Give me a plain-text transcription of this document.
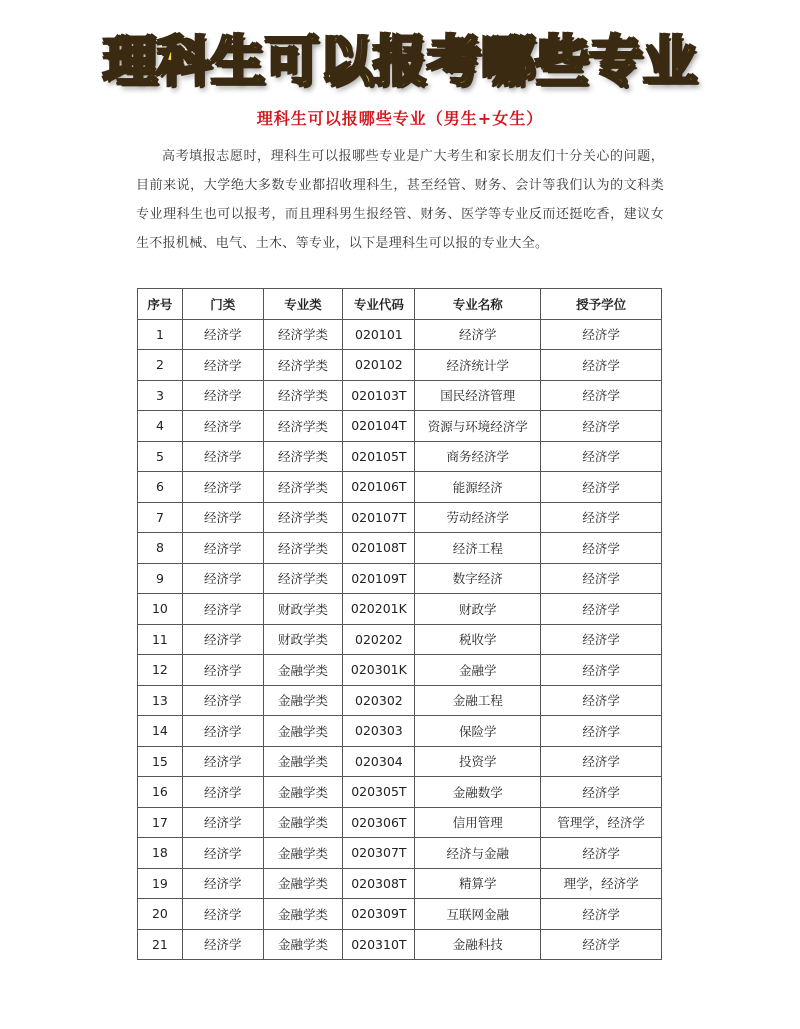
理科生可以报考哪些专业
理科生可以报哪些专业（男生+女生）

高考填报志愿时，理科生可以报哪些专业是广大考生和家长朋友们十分关心的问题，目前来说，大学绝大多数专业都招收理科生，甚至经管、财务、会计等我们认为的文科类专业理科生也可以报考，而且理科男生报经管、财务、医学等专业反而还挺吃香，建议女生不报机械、电气、土木、等专业，以下是理科生可以报的专业大全。

序号	门类	专业类	专业代码	专业名称	授予学位
1	经济学	经济学类	020101	经济学	经济学
2	经济学	经济学类	020102	经济统计学	经济学
3	经济学	经济学类	020103T	国民经济管理	经济学
4	经济学	经济学类	020104T	资源与环境经济学	经济学
5	经济学	经济学类	020105T	商务经济学	经济学
6	经济学	经济学类	020106T	能源经济	经济学
7	经济学	经济学类	020107T	劳动经济学	经济学
8	经济学	经济学类	020108T	经济工程	经济学
9	经济学	经济学类	020109T	数字经济	经济学
10	经济学	财政学类	020201K	财政学	经济学
11	经济学	财政学类	020202	税收学	经济学
12	经济学	金融学类	020301K	金融学	经济学
13	经济学	金融学类	020302	金融工程	经济学
14	经济学	金融学类	020303	保险学	经济学
15	经济学	金融学类	020304	投资学	经济学
16	经济学	金融学类	020305T	金融数学	经济学
17	经济学	金融学类	020306T	信用管理	管理学，经济学
18	经济学	金融学类	020307T	经济与金融	经济学
19	经济学	金融学类	020308T	精算学	理学，经济学
20	经济学	金融学类	020309T	互联网金融	经济学
21	经济学	金融学类	020310T	金融科技	经济学
